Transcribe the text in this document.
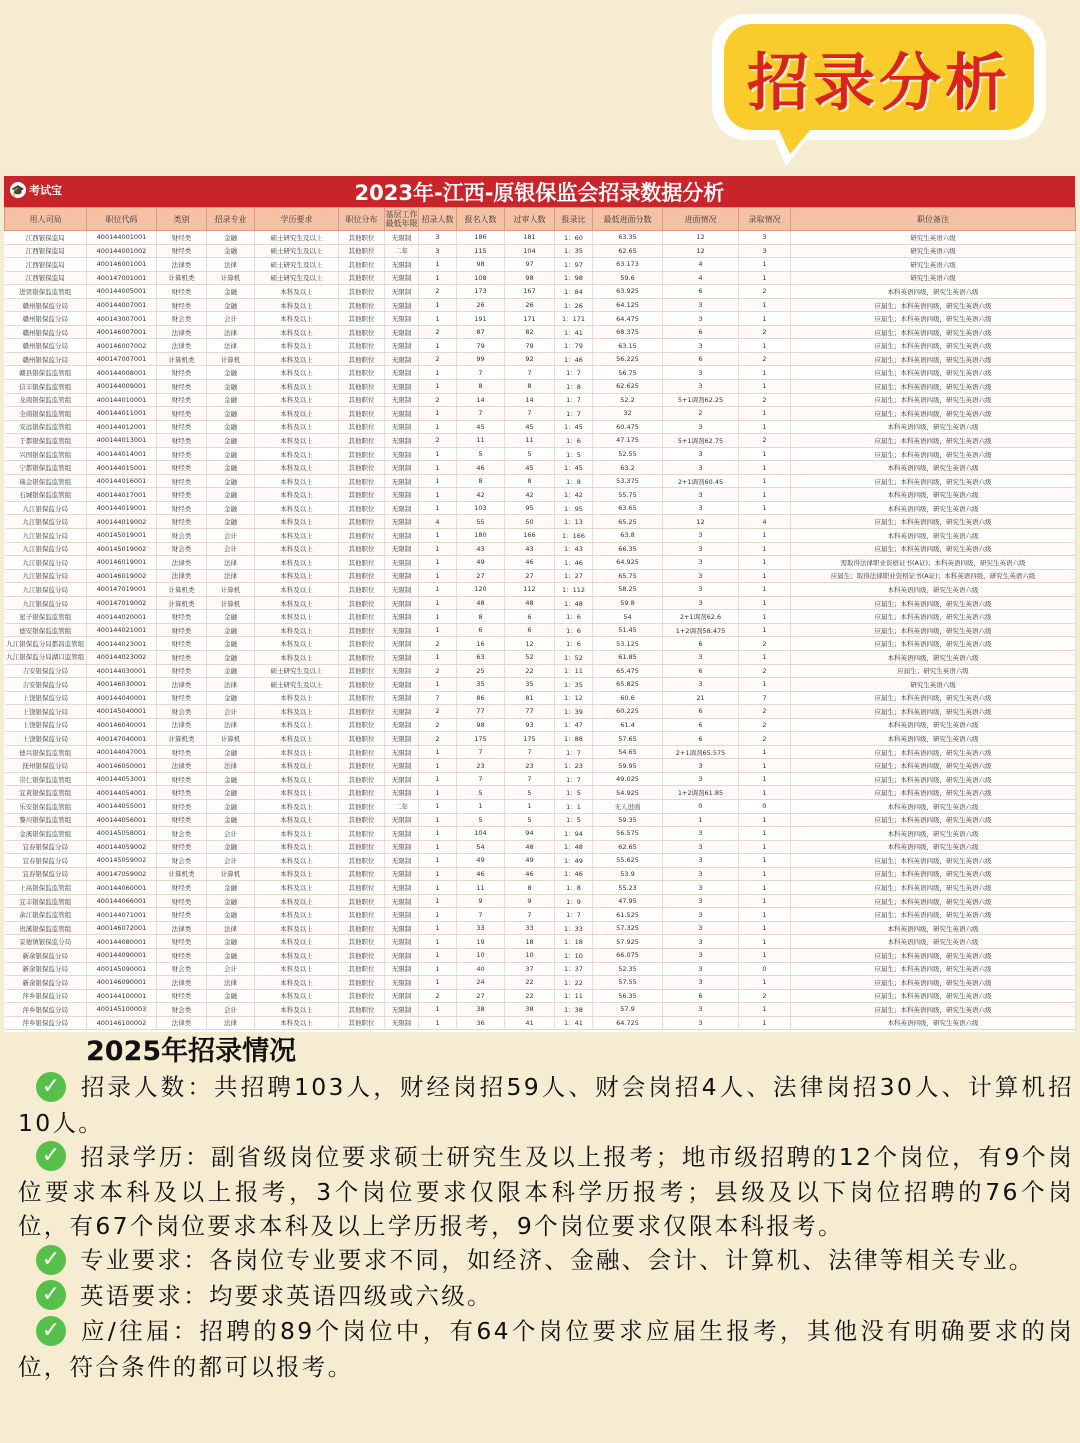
招录分析
🎓 考试宝	2023年-江西-原银保监会招录数据分析
用人司局	职位代码	类别	招录专业	学历要求	职位分布	基层工作最低年限	招录人数	报名人数	过审人数	报录比	最低进面分数	进面情况	录取情况	职位备注
江西银保监局	400144001001	财经类	金融	硕士研究生及以上	其他职位	无限制	3	186	181	1：60	63.35	12	3	研究生英语六级
江西银保监局	400144001002	财经类	金融	硕士研究生及以上	其他职位	二年	3	115	104	1：35	62.65	12	3	研究生英语六级
江西银保监局	400146001001	法律类	法律	硕士研究生及以上	其他职位	无限制	1	98	97	1：97	63.173	4	1	研究生英语六级
江西银保监局	400147001001	计算机类	计算机	硕士研究生及以上	其他职位	无限制	1	108	98	1：98	59.6	4	1	研究生英语六级
进贤银保监监管组	400144005001	财经类	金融	本科及以上	其他职位	无限制	2	173	167	1：84	63.925	6	2	本科英语四级，研究生英语六级
赣州银保监分局	400144007001	财经类	金融	本科及以上	其他职位	无限制	1	26	26	1：26	64.125	3	1	应届生；本科英语四级，研究生英语六级
赣州银保监分局	400143007001	财会类	会计	本科及以上	其他职位	无限制	1	191	171	1：171	64.475	3	1	应届生；本科英语四级，研究生英语六级
赣州银保监分局	400146007001	法律类	法律	本科及以上	其他职位	无限制	2	87	82	1：41	68.375	6	2	应届生；本科英语四级，研究生英语六级
赣州银保监分局	400146007002	法律类	法律	本科及以上	其他职位	无限制	1	79	79	1：79	63.15	3	1	应届生；本科英语四级，研究生英语六级
赣州银保监分局	400147007001	计算机类	计算机	本科及以上	其他职位	无限制	2	99	92	1：46	56.225	6	2	应届生；本科英语四级，研究生英语六级
赣县银保监监管组	400144008001	财经类	金融	本科及以上	其他职位	无限制	1	7	7	1：7	56.75	3	1	应届生；本科英语四级，研究生英语六级
信丰银保监监管组	400144009001	财经类	金融	本科及以上	其他职位	无限制	1	8	8	1：8	62.625	3	1	应届生；本科英语四级，研究生英语六级
龙南银保监监管组	400144010001	财经类	金融	本科及以上	其他职位	无限制	2	14	14	1：7	52.2	5+1调剂62.25	2	应届生；本科英语四级，研究生英语六级
全南银保监监管组	400144011001	财经类	金融	本科及以上	其他职位	无限制	1	7	7	1：7	32	2	1	应届生；本科英语四级，研究生英语六级
安远银保监监管组	400144012001	财经类	金融	本科及以上	其他职位	无限制	1	45	45	1：45	60.475	3	1	本科英语四级，研究生英语六级
于都银保监监管组	400144013001	财经类	金融	本科及以上	其他职位	无限制	2	11	11	1：6	47.175	5+1调剂62.75	2	应届生；本科英语四级，研究生英语六级
兴国银保监监管组	400144014001	财经类	金融	本科及以上	其他职位	无限制	1	5	5	1：5	52.55	3	1	应届生；本科英语四级，研究生英语六级
宁都银保监监管组	400144015001	财经类	金融	本科及以上	其他职位	无限制	1	46	45	1：45	63.2	3	1	本科英语四级，研究生英语六级
瑞金银保监监管组	400144016001	财经类	金融	本科及以上	其他职位	无限制	1	8	8	1：8	53.375	2+1调剂60.45	1	应届生；本科英语四级，研究生英语六级
石城银保监监管组	400144017001	财经类	金融	本科及以上	其他职位	无限制	1	42	42	1：42	55.75	3	1	本科英语四级，研究生英语六级
九江银保监分局	400144019001	财经类	金融	本科及以上	其他职位	无限制	1	103	95	1：95	63.65	3	1	本科英语四级，研究生英语六级
九江银保监分局	400144019002	财经类	金融	本科及以上	其他职位	无限制	4	55	50	1：13	65.25	12	4	应届生；本科英语四级，研究生英语六级
九江银保监分局	400145019001	财会类	会计	本科及以上	其他职位	无限制	1	180	166	1：166	63.8	3	1	本科英语四级，研究生英语六级
九江银保监分局	400145019002	财会类	会计	本科及以上	其他职位	无限制	1	43	43	1：43	66.35	3	1	应届生；本科英语四级，研究生英语六级
九江银保监分局	400146019001	法律类	法律	本科及以上	其他职位	无限制	1	49	46	1：46	64.925	3	1	需取得法律职业资格证书(A证)；本科英语四级，研究生英语六级
九江银保监分局	400146019002	法律类	法律	本科及以上	其他职位	无限制	1	27	27	1：27	65.75	3	1	应届生；取得法律职业资格证书(A证)；本科英语四级，研究生英语六级
九江银保监分局	400147019001	计算机类	计算机	本科及以上	其他职位	无限制	1	120	112	1：112	58.25	3	1	本科英语四级，研究生英语六级
九江银保监分局	400147019002	计算机类	计算机	本科及以上	其他职位	无限制	1	48	48	1：48	59.8	3	1	应届生；本科英语四级，研究生英语六级
星子银保监监管组	400144020001	财经类	金融	本科及以上	其他职位	无限制	1	8	6	1：6	54	2+1调剂62.6	1	应届生；本科英语四级，研究生英语六级
德安银保监监管组	400144021001	财经类	金融	本科及以上	其他职位	无限制	1	6	6	1：6	51.45	1+2调剂58.475	1	应届生；本科英语四级，研究生英语六级
九江银保监分局都昌监管组	400144023001	财经类	金融	本科及以上	其他职位	无限制	2	16	12	1：6	53.125	6	2	应届生；本科英语四级，研究生英语六级
九江银保监分局湖口监管组	400144023002	财经类	金融	本科及以上	其他职位	无限制	1	63	52	1：52	61.85	3	1	本科英语四级，研究生英语六级
吉安银保监分局	400144030001	财经类	金融	硕士研究生及以上	其他职位	无限制	2	25	22	1：11	65.475	6	2	应届生；研究生英语六级
吉安银保监分局	400146030001	法律类	法律	硕士研究生及以上	其他职位	无限制	1	35	35	1：35	65.825	3	1	研究生英语六级
上饶银保监分局	400144040001	财经类	金融	本科及以上	其他职位	无限制	7	86	81	1：12	60.6	21	7	应届生；本科英语四级，研究生英语六级
上饶银保监分局	400145040001	财会类	会计	本科及以上	其他职位	无限制	2	77	77	1：39	60.225	6	2	应届生；本科英语四级，研究生英语六级
上饶银保监分局	400146040001	法律类	法律	本科及以上	其他职位	无限制	2	98	93	1：47	61.4	6	2	本科英语四级，研究生英语六级
上饶银保监分局	400147040001	计算机类	计算机	本科及以上	其他职位	无限制	2	175	175	1：88	57.65	6	2	本科英语四级，研究生英语六级
德兴银保监监管组	400144047001	财经类	金融	本科及以上	其他职位	无限制	1	7	7	1：7	54.65	2+1调剂65.575	1	应届生；本科英语四级，研究生英语六级
抚州银保监分局	400146050001	法律类	法律	本科及以上	其他职位	无限制	1	23	23	1：23	59.95	3	1	应届生；本科英语四级，研究生英语六级
崇仁银保监监管组	400144053001	财经类	金融	本科及以上	其他职位	无限制	1	7	7	1：7	49.025	3	1	应届生；本科英语四级，研究生英语六级
宜黄银保监监管组	400144054001	财经类	金融	本科及以上	其他职位	无限制	1	5	5	1：5	54.925	1+2调剂61.85	1	应届生；本科英语四级，研究生英语六级
乐安银保监监管组	400144055001	财经类	金融	本科及以上	其他职位	二年	1	1	1	1：1	无人进面	0	0	本科英语四级，研究生英语六级
黎川银保监监管组	400144056001	财经类	金融	本科及以上	其他职位	无限制	1	5	5	1：5	59.35	1	1	应届生；本科英语四级，研究生英语六级
金溪银保监监管组	400145058001	财会类	会计	本科及以上	其他职位	无限制	1	104	94	1：94	56.575	3	1	本科英语四级，研究生英语六级
宜春银保监分局	400144059002	财经类	金融	本科及以上	其他职位	无限制	1	54	48	1：48	62.65	3	1	本科英语四级，研究生英语六级
宜春银保监分局	400145059002	财会类	会计	本科及以上	其他职位	无限制	1	49	49	1：49	55.625	3	1	应届生；本科英语四级，研究生英语六级
宜春银保监分局	400147059002	计算机类	计算机	本科及以上	其他职位	无限制	1	46	46	1：46	53.9	3	1	应届生；本科英语四级，研究生英语六级
上高银保监监管组	400144060001	财经类	金融	本科及以上	其他职位	无限制	1	11	8	1：8	55.23	3	1	应届生；本科英语四级，研究生英语六级
宜丰银保监监管组	400144066001	财经类	金融	本科及以上	其他职位	无限制	1	9	9	1：9	47.95	3	1	应届生；本科英语四级，研究生英语六级
余江银保监监管组	400144071001	财经类	金融	本科及以上	其他职位	无限制	1	7	7	1：7	61.525	3	1	应届生；本科英语四级，研究生英语六级
贵溪银保监监管组	400146072001	法律类	法律	本科及以上	其他职位	无限制	1	33	33	1：33	57.325	3	1	本科英语四级，研究生英语六级
景德镇银保监分局	400144080001	财经类	金融	本科及以上	其他职位	无限制	1	19	18	1：18	57.925	3	1	本科英语四级，研究生英语六级
新余银保监分局	400144090001	财经类	金融	本科及以上	其他职位	无限制	1	10	10	1：10	66.075	3	1	应届生；本科英语四级，研究生英语六级
新余银保监分局	400145090001	财会类	会计	本科及以上	其他职位	无限制	1	40	37	1：37	52.35	3	0	应届生；本科英语四级，研究生英语六级
新余银保监分局	400146090001	法律类	法律	本科及以上	其他职位	无限制	1	24	22	1：22	57.55	3	1	应届生；本科英语四级，研究生英语六级
萍乡银保监分局	400144100001	财经类	金融	本科及以上	其他职位	无限制	2	27	22	1：11	56.35	6	2	应届生；本科英语四级，研究生英语六级
萍乡银保监分局	400145100003	财会类	会计	本科及以上	其他职位	无限制	1	38	38	1：38	57.9	3	1	应届生；本科英语四级，研究生英语六级
萍乡银保监分局	400146100002	法律类	法律	本科及以上	其他职位	无限制	1	36	41	1：41	64.725	3	1	本科英语四级，研究生英语六级
2025年招录情况
✓ 招录人数：共招聘103人，财经岗招59人、财会岗招4人、法律岗招30人、计算机招10人。
✓ 招录学历：副省级岗位要求硕士研究生及以上报考；地市级招聘的12个岗位，有9个岗位要求本科及以上报考，3个岗位要求仅限本科学历报考；县级及以下岗位招聘的76个岗位，有67个岗位要求本科及以上学历报考，9个岗位要求仅限本科报考。
✓ 专业要求：各岗位专业要求不同，如经济、金融、会计、计算机、法律等相关专业。
✓ 英语要求：均要求英语四级或六级。
✓ 应/往届：招聘的89个岗位中，有64个岗位要求应届生报考，其他没有明确要求的岗位，符合条件的都可以报考。
